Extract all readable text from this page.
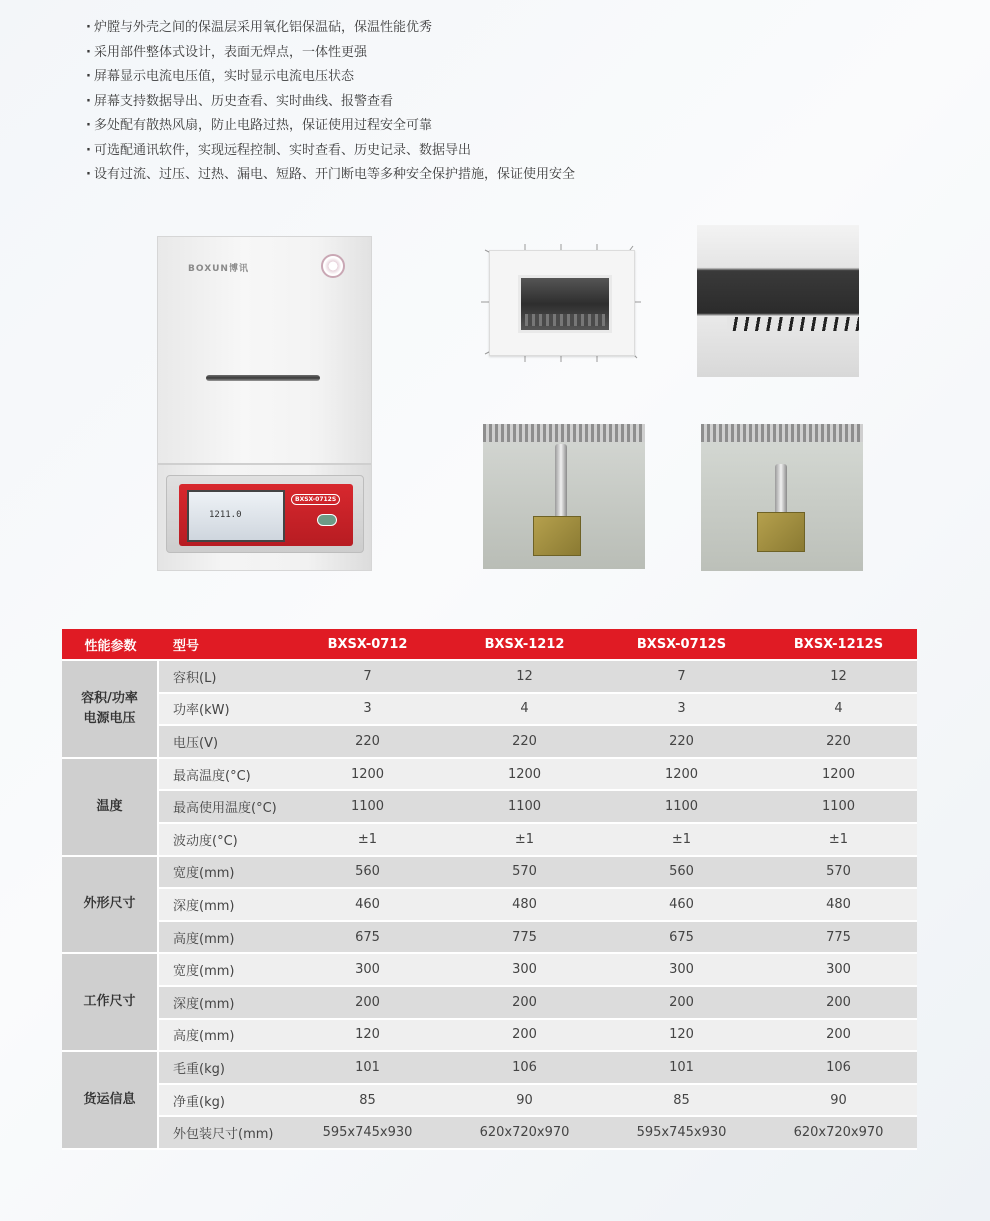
· 炉膛与外壳之间的保温层采用氧化铝保温砧，保温性能优秀
· 采用部件整体式设计，表面无焊点，一体性更强
· 屏幕显示电流电压值，实时显示电流电压状态
· 屏幕支持数据导出、历史查看、实时曲线、报警查看
· 多处配有散热风扇，防止电路过热，保证使用过程安全可靠
· 可选配通讯软件，实现远程控制、实时查看、历史记录、数据导出
· 设有过流、过压、过热、漏电、短路、开门断电等多种安全保护措施，保证使用安全
BOXUN博讯
1211.0
BXSX-0712S
性能参数	型号	BXSX-0712	BXSX-1212	BXSX-0712S	BXSX-1212S
容积/功率
电源电压	容积(L)	7	12	7	12
	功率(kW)	3	4	3	4
	电压(V)	220	220	220	220
温度	最高温度(°C)	1200	1200	1200	1200
	最高使用温度(°C)	1100	1100	1100	1100
	波动度(°C)	±1	±1	±1	±1
外形尺寸	宽度(mm)	560	570	560	570
	深度(mm)	460	480	460	480
	高度(mm)	675	775	675	775
工作尺寸	宽度(mm)	300	300	300	300
	深度(mm)	200	200	200	200
	高度(mm)	120	200	120	200
货运信息	毛重(kg)	101	106	101	106
	净重(kg)	85	90	85	90
	外包装尺寸(mm)	595x745x930	620x720x970	595x745x930	620x720x970
